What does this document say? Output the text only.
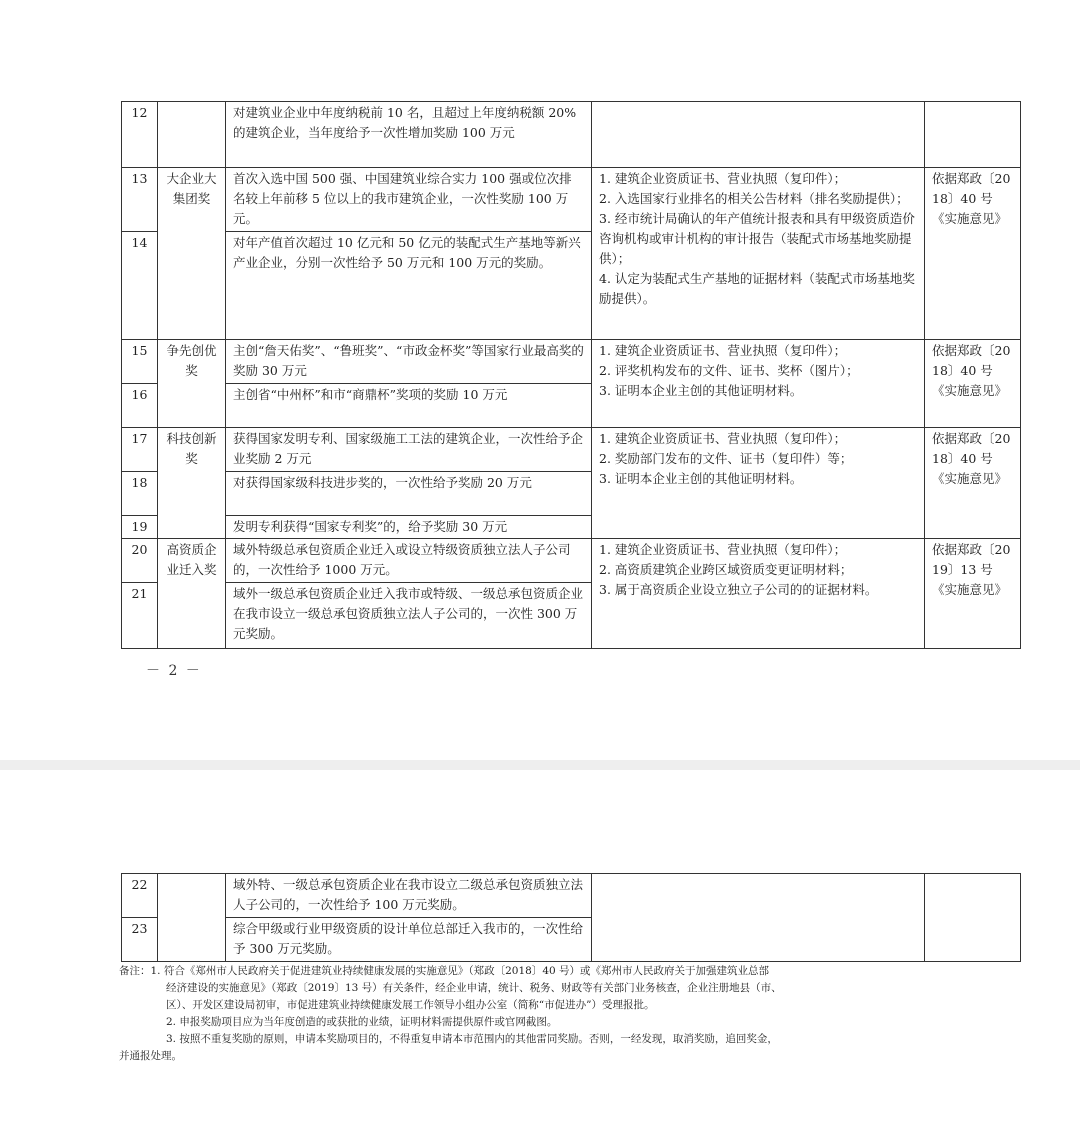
12		对建筑业企业中年度纳税前 10 名，且超过上年度纳税额 20%的建筑企业，当年度给予一次性增加奖励 100 万元		
13	大企业大集团奖	首次入选中国 500 强、中国建筑业综合实力 100 强或位次排名较上年前移 5 位以上的我市建筑企业，一次性奖励 100 万元。	1. 建筑企业资质证书、营业执照（复印件）；
2. 入选国家行业排名的相关公告材料（排名奖励提供）；
3. 经市统计局确认的年产值统计报表和具有甲级资质造价咨询机构或审计机构的审计报告（装配式市场基地奖励提供）；
4. 认定为装配式生产基地的证据材料（装配式市场基地奖励提供）。	依据郑政〔2018〕40 号《实施意见》
14		对年产值首次超过 10 亿元和 50 亿元的装配式生产基地等新兴产业企业，分别一次性给予 50 万元和 100 万元的奖励。		
15	争先创优奖	主创“詹天佑奖”、“鲁班奖”、“市政金杯奖”等国家行业最高奖的奖励 30 万元	1. 建筑企业资质证书、营业执照（复印件）；
2. 评奖机构发布的文件、证书、奖杯（图片）；
3. 证明本企业主创的其他证明材料。	依据郑政〔2018〕40 号《实施意见》
16		主创省“中州杯”和市“商鼎杯”奖项的奖励 10 万元		
17	科技创新奖	获得国家发明专利、国家级施工工法的建筑企业，一次性给予企业奖励 2 万元	1. 建筑企业资质证书、营业执照（复印件）；
2. 奖励部门发布的文件、证书（复印件）等；
3. 证明本企业主创的其他证明材料。	依据郑政〔2018〕40 号《实施意见》
18		对获得国家级科技进步奖的，一次性给予奖励 20 万元		
19		发明专利获得“国家专利奖”的，给予奖励 30 万元		
20	高资质企业迁入奖	域外特级总承包资质企业迁入或设立特级资质独立法人子公司的，一次性给予 1000 万元。	1. 建筑企业资质证书、营业执照（复印件）；
2. 高资质建筑企业跨区域资质变更证明材料；
3. 属于高资质企业设立独立子公司的的证据材料。	依据郑政〔2019〕13 号《实施意见》
21		域外一级总承包资质企业迁入我市或特级、一级总承包资质企业在我市设立一级总承包资质独立法人子公司的，一次性 300 万元奖励。		
－ 2 －
22		域外特、一级总承包资质企业在我市设立二级总承包资质独立法人子公司的，一次性给予 100 万元奖励。		
23		综合甲级或行业甲级资质的设计单位总部迁入我市的，一次性给予 300 万元奖励。		

备注：1. 符合《郑州市人民政府关于促进建筑业持续健康发展的实施意见》（郑政〔2018〕40 号）或《郑州市人民政府关于加强建筑业总部

经济建设的实施意见》（郑政〔2019〕13 号）有关条件，经企业申请，统计、税务、财政等有关部门业务核查，企业注册地县（市、

区）、开发区建设局初审，市促进建筑业持续健康发展工作领导小组办公室（简称“市促进办”）受理报批。

2. 申报奖励项目应为当年度创造的或获批的业绩，证明材料需提供原件或官网截图。

3. 按照不重复奖励的原则，申请本奖励项目的，不得重复申请本市范围内的其他雷同奖励。否则，一经发现，取消奖励，追回奖金，

并通报处理。
